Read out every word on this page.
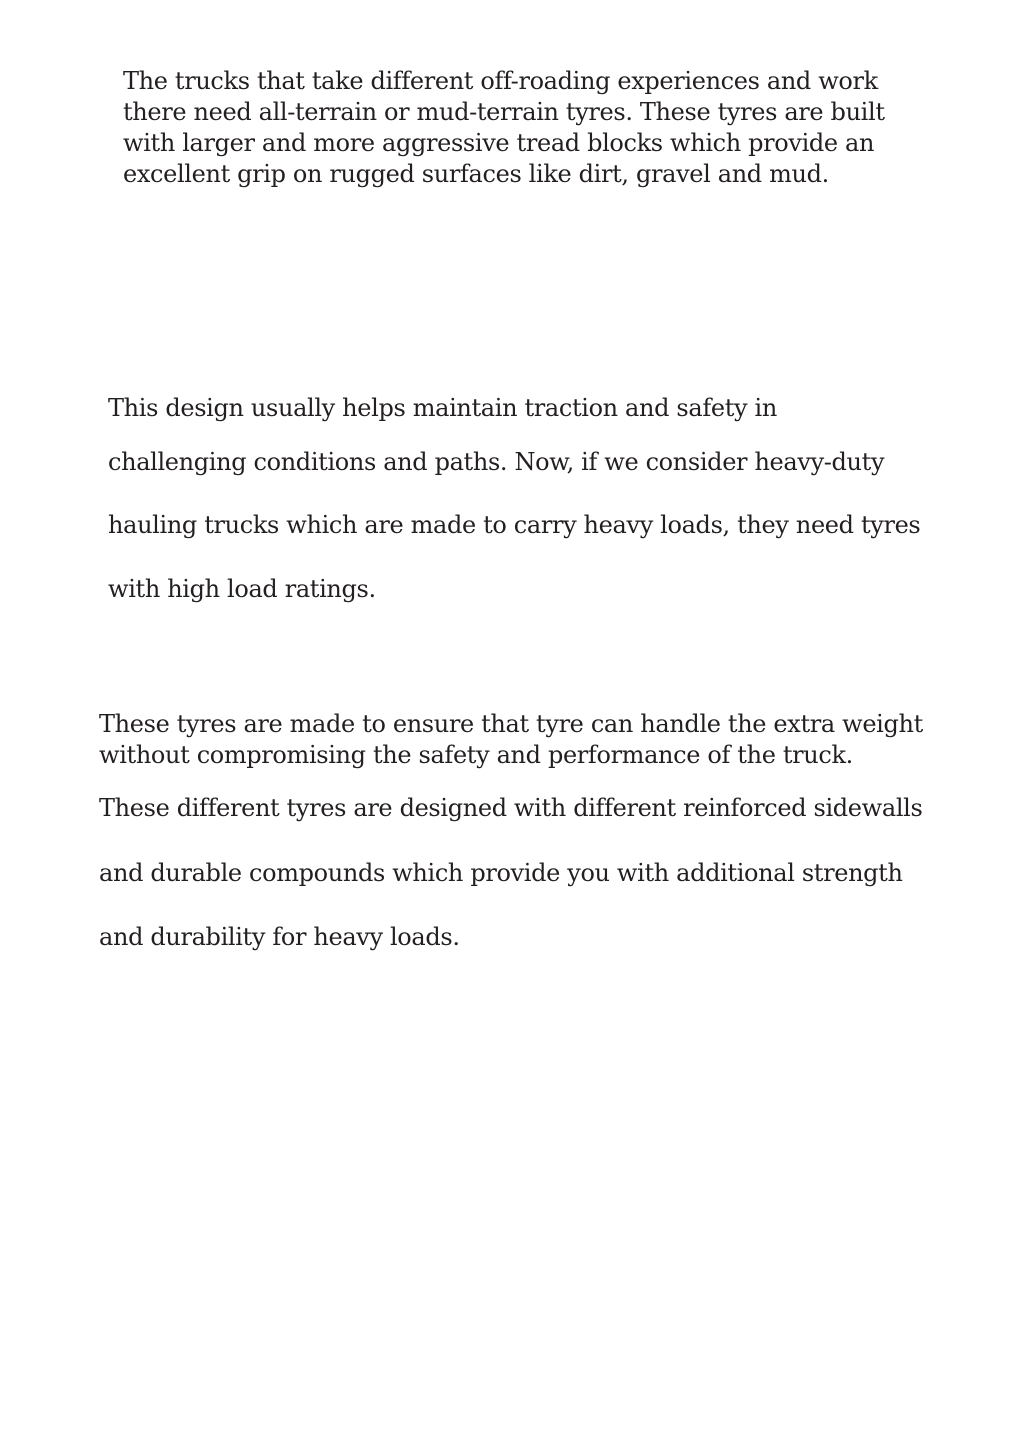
The trucks that take different off-roading experiences and work

there need all-terrain or mud-terrain tyres. These tyres are built

with larger and more aggressive tread blocks which provide an

excellent grip on rugged surfaces like dirt, gravel and mud.

This design usually helps maintain traction and safety in

challenging conditions and paths. Now, if we consider heavy-duty

hauling trucks which are made to carry heavy loads, they need tyres

with high load ratings.

These tyres are made to ensure that tyre can handle the extra weight

without compromising the safety and performance of the truck.

These different tyres are designed with different reinforced sidewalls

and durable compounds which provide you with additional strength

and durability for heavy loads.
